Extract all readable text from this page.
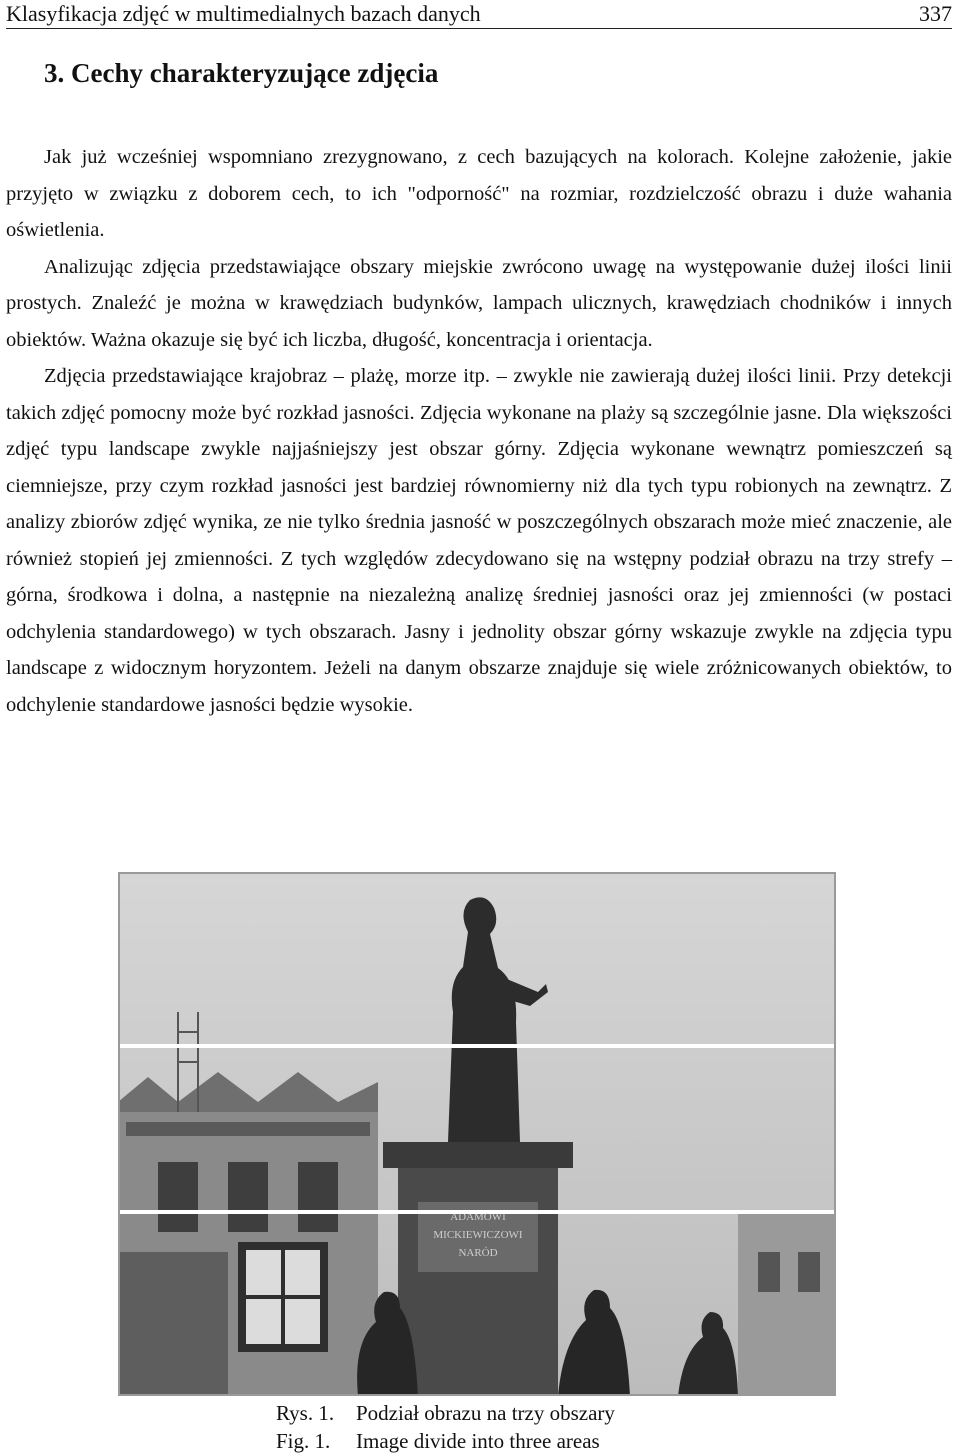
Klasyfikacja zdjęć w multimedialnych bazach danych	337
3. Cechy charakteryzujące zdjęcia

Jak już wcześniej wspomniano zrezygnowano, z cech bazujących na kolorach. Kolejne założenie, jakie przyjęto w związku z doborem cech, to ich "odporność" na rozmiar, rozdzielczość obrazu i duże wahania oświetlenia.

Analizując zdjęcia przedstawiające obszary miejskie zwrócono uwagę na występowanie dużej ilości linii prostych. Znaleźć je można w krawędziach budynków, lampach ulicznych, krawędziach chodników i innych obiektów. Ważna okazuje się być ich liczba, długość, koncentracja i orientacja.

Zdjęcia przedstawiające krajobraz – plażę, morze itp. – zwykle nie zawierają dużej ilości linii. Przy detekcji takich zdjęć pomocny może być rozkład jasności. Zdjęcia wykonane na plaży są szczególnie jasne. Dla większości zdjęć typu landscape zwykle najjaśniejszy jest obszar górny. Zdjęcia wykonane wewnątrz pomieszczeń są ciemniejsze, przy czym rozkład jasności jest bardziej równomierny niż dla tych typu robionych na zewnątrz. Z analizy zbiorów zdjęć wynika, ze nie tylko średnia jasność w poszczególnych obszarach może mieć znaczenie, ale również stopień jej zmienności. Z tych względów zdecydowano się na wstępny podział obrazu na trzy strefy – górna, środkowa i dolna, a następnie na niezależną analizę średniej jasności oraz jej zmienności (w postaci odchylenia standardowego) w tych obszarach. Jasny i jednolity obszar górny wskazuje zwykle na zdjęcia typu landscape z widocznym horyzontem. Jeżeli na danym obszarze znajduje się wiele zróżnicowanych obiektów, to odchylenie standardowe jasności będzie wysokie.

ADAMOWI
MICKIEWICZOWI
NARÓD
Rys. 1.	Podział obrazu na trzy obszary
Fig. 1.	Image divide into three areas
